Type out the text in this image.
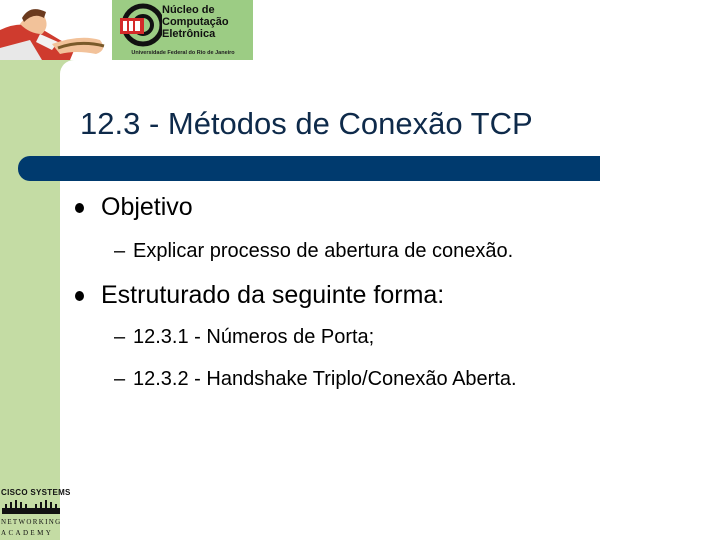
Núcleo de
Computação
Eletrônica
Universidade Federal do Rio de Janeiro
12.3 - Métodos de Conexão TCP
Objetivo
– Explicar processo de abertura de conexão.
Estruturado da seguinte forma:
– 12.3.1 - Números de Porta;
– 12.3.2 - Handshake Triplo/Conexão Aberta.
CISCO SYSTEMS
NETWORKING
ACADEMY
